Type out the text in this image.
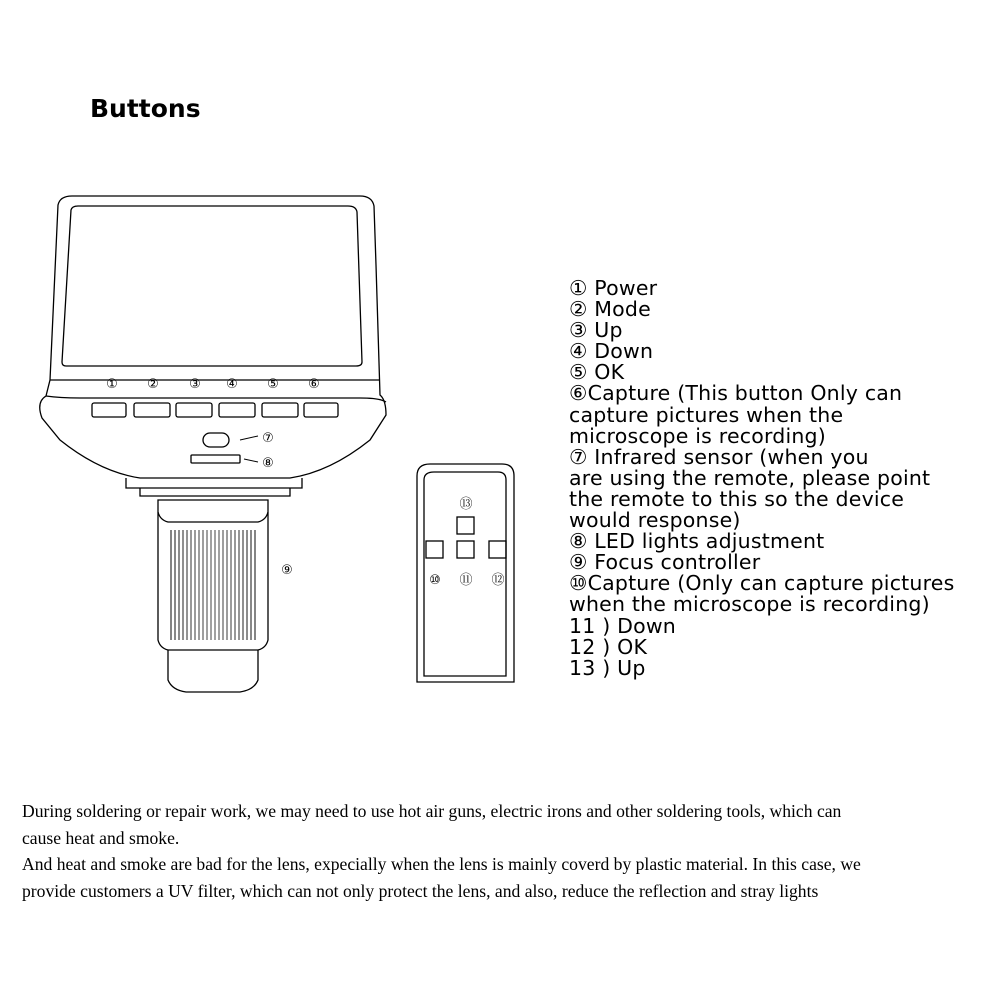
Buttons
① ② ③ ④ ⑤ ⑥
⑦
⑧
⑨
⑬
⑩ ⑪ ⑫
① Power
② Mode
③ Up
④ Down
⑤ OK
⑥Capture (This button Only can
capture pictures when the
microscope is recording)
⑦ Infrared sensor (when you
are using the remote, please point
the remote to this so the device
would response)
⑧ LED lights adjustment
⑨ Focus controller
⑩Capture (Only can capture pictures
when the microscope is recording)
11 ) Down
12 ) OK
13 ) Up
During soldering or repair work, we may need to use hot air guns, electric irons and other soldering tools, which can
cause heat and smoke.
And heat and smoke are bad for the lens, expecially when the lens is mainly coverd by plastic material. In this case, we
provide customers a UV filter, which can not only protect the lens, and also, reduce the reflection and stray lights
